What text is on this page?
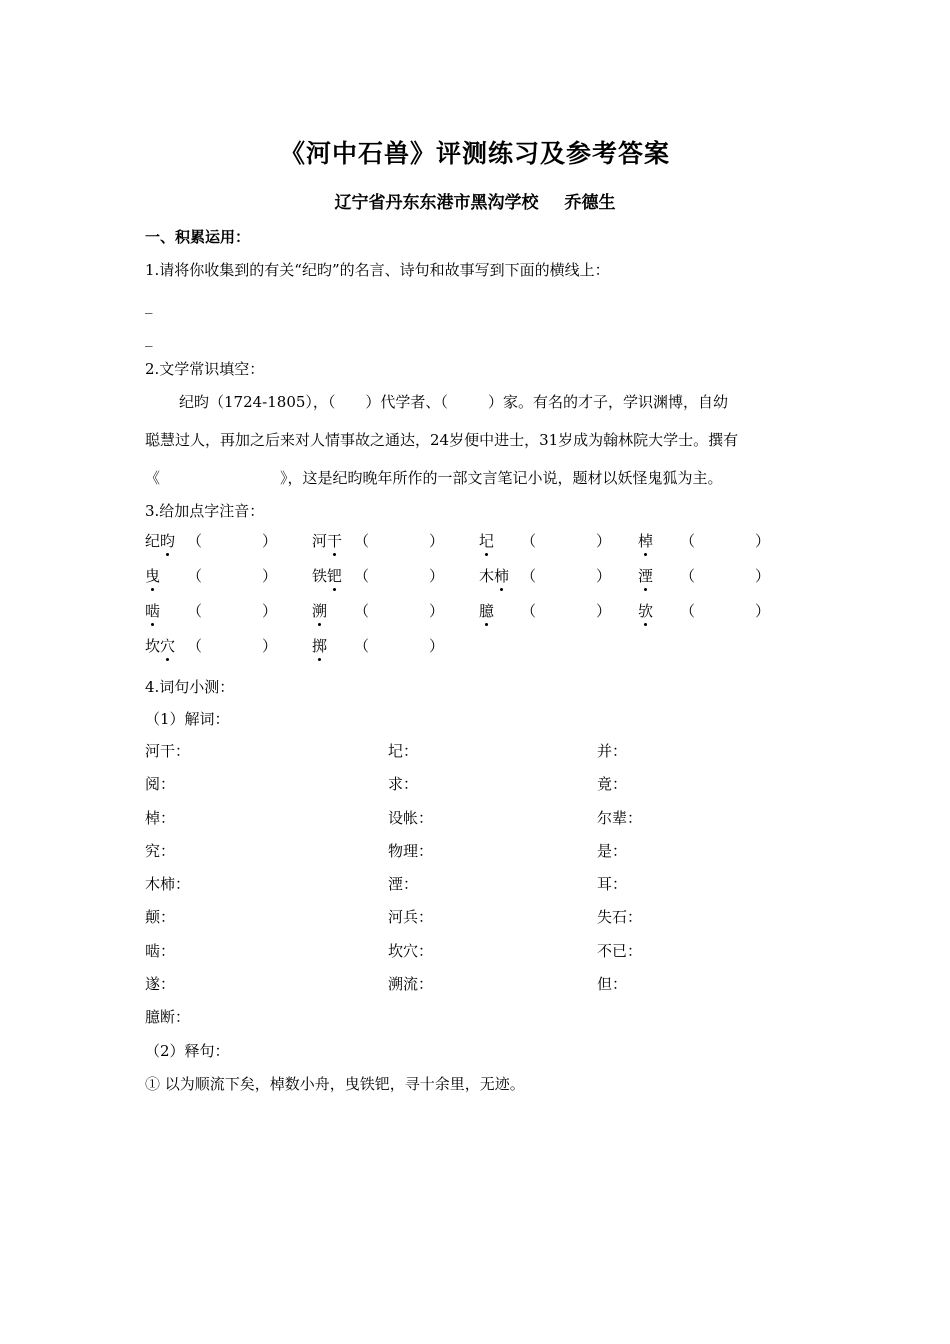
《河中石兽》评测练习及参考答案
辽宁省丹东东港市黑沟学校 乔德生
一、积累运用：
1.请将你收集到的有关“纪昀”的名言、诗句和故事写到下面的横线上：
_
_
2.文学常识填空：
纪昀（1724-1805），（ ）代学者、（	）家。有名的才子，学识渊博，自幼
聪慧过人，再加之后来对人情事故之通达，24岁便中进士，31岁成为翰林院大学士。撰有
《	》，这是纪昀晚年所作的一部文言笔记小说，题材以妖怪鬼狐为主。
3.给加点字注音：
纪昀 （	） 河干 （	） 圮 （	） 棹 （	）
曳 （	） 铁钯 （	） 木柿 （	） 湮 （	）
啮 （	） 溯 （	） 臆 （	） 欤 （	）
坎穴 （	） 掷 （	）
4.词句小测：
（1）解词：
河干：	圮：	并：
阅：	求：	竟：
棹：	设帐：	尔辈：
究：	物理：	是：
木柿：	湮：	耳：
颠：	河兵：	失石：
啮：	坎穴：	不已：
遂：	溯流：	但：
臆断：
（2）释句：
① 以为顺流下矣，棹数小舟，曳铁钯，寻十余里，无迹。
